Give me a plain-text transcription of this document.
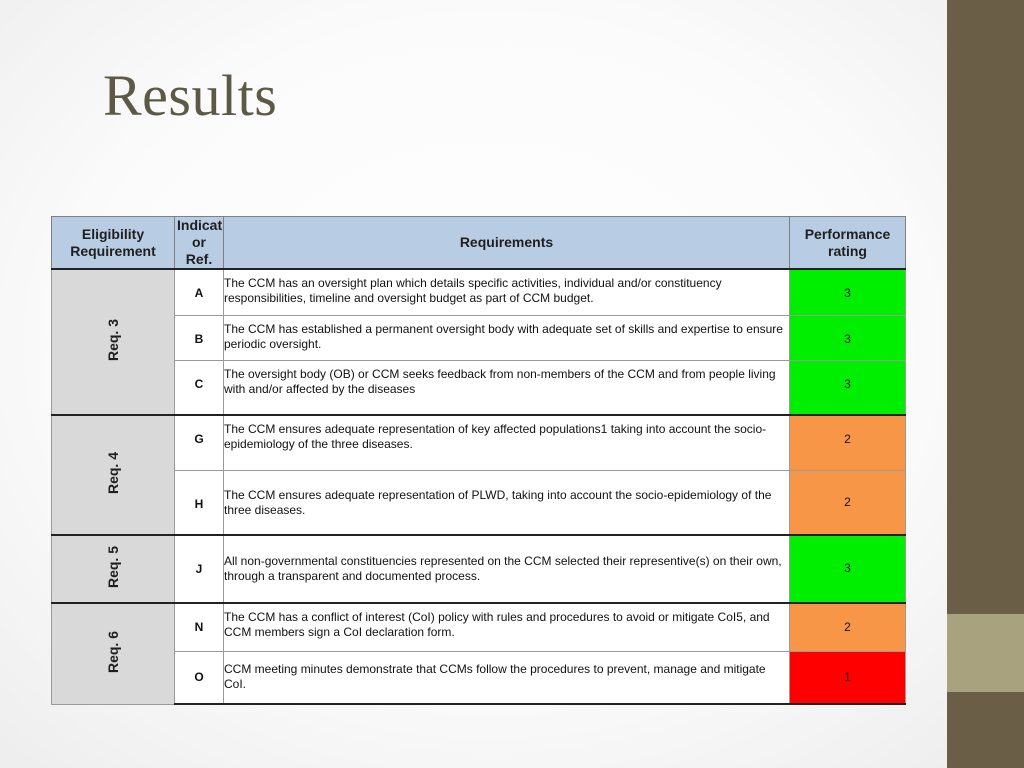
Results
Eligibility Requirement	Indicat or Ref.	Requirements	Performance rating
Req. 3	A	The CCM has an oversight plan which details specific activities, individual and/or constituency responsibilities, timeline and oversight budget as part of CCM budget.	3
	B	The CCM has established a permanent oversight body with adequate set of skills and expertise to ensure periodic oversight.	3
	C	The oversight body (OB) or CCM seeks feedback from non-members of the CCM and from people living with and/or affected by the diseases	3
Req. 4	G	The CCM ensures adequate representation of key affected populations1 taking into account the socio-epidemiology of the three diseases.	2
	H	The CCM ensures adequate representation of PLWD, taking into account the socio-epidemiology of the three diseases.	2
Req. 5	J	All non-governmental constituencies represented on the CCM selected their representive(s) on their own, through a transparent and documented process.	3
Req. 6	N	The CCM has a conflict of interest (CoI) policy with rules and procedures to avoid or mitigate CoI5, and CCM members sign a CoI declaration form.	2
	O	CCM meeting minutes demonstrate that CCMs follow the procedures to prevent, manage and mitigate CoI.	1
